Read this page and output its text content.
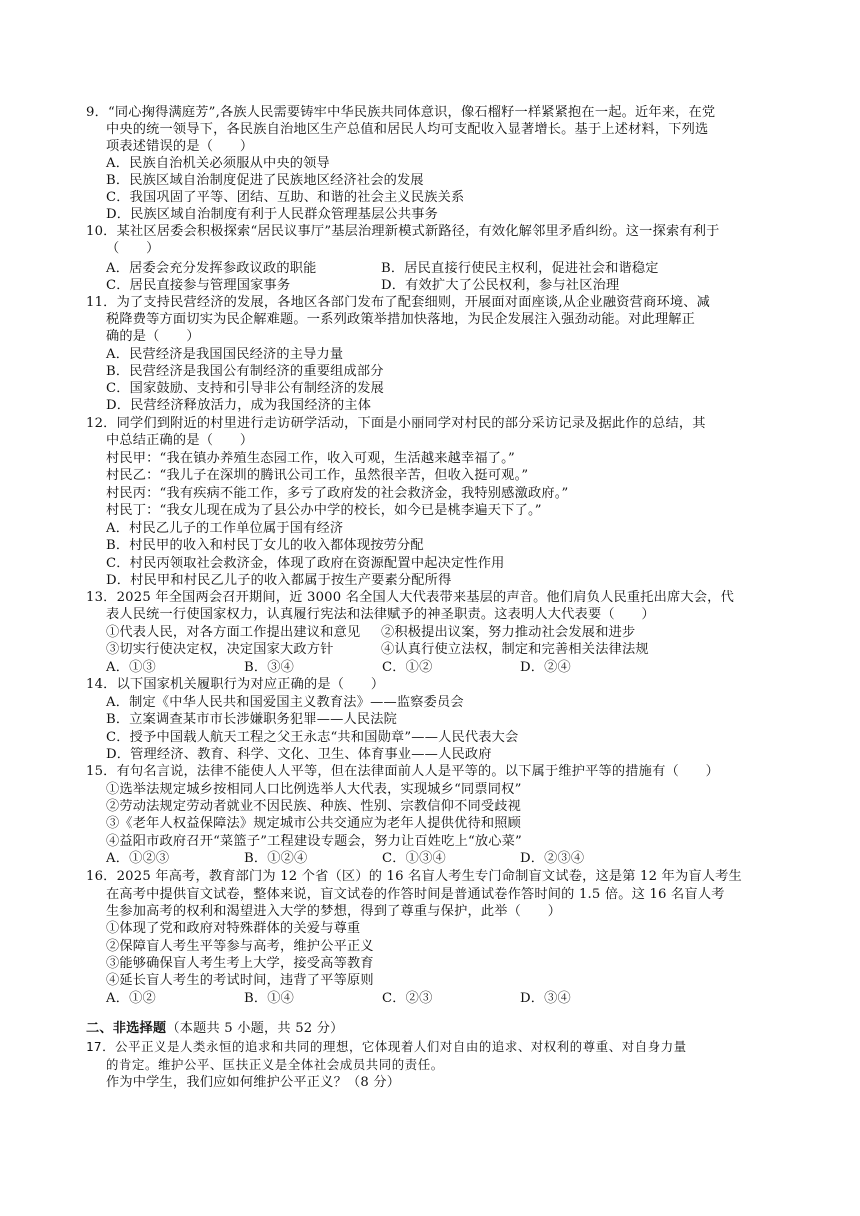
9．“同心掬得满庭芳”,各族人民需要铸牢中华民族共同体意识，像石榴籽一样紧紧抱在一起。近年来，在党
中央的统一领导下，各民族自治地区生产总值和居民人均可支配收入显著增长。基于上述材料，下列选
项表述错误的是（　　）
A．民族自治机关必须服从中央的领导
B．民族区域自治制度促进了民族地区经济社会的发展
C．我国巩固了平等、团结、互助、和谐的社会主义民族关系
D．民族区域自治制度有利于人民群众管理基层公共事务
10．某社区居委会积极探索“居民议事厅”基层治理新模式新路径，有效化解邻里矛盾纠纷。这一探索有利于
（　　）
A．居委会充分发挥参政议政的职能	B．居民直接行使民主权利，促进社会和谐稳定
C．居民直接参与管理国家事务	D．有效扩大了公民权利，参与社区治理
11．为了支持民营经济的发展，各地区各部门发布了配套细则，开展面对面座谈,从企业融资营商环境、减
税降费等方面切实为民企解难题。一系列政策举措加快落地，为民企发展注入强劲动能。对此理解正
确的是（　　）
A．民营经济是我国国民经济的主导力量
B．民营经济是我国公有制经济的重要组成部分
C．国家鼓励、支持和引导非公有制经济的发展
D．民营经济释放活力，成为我国经济的主体
12．同学们到附近的村里进行走访研学活动，下面是小丽同学对村民的部分采访记录及据此作的总结，其
中总结正确的是（　　）
村民甲：“我在镇办养殖生态园工作，收入可观，生活越来越幸福了。”
村民乙：“我儿子在深圳的腾讯公司工作，虽然很辛苦，但收入挺可观。”
村民丙：“我有疾病不能工作，多亏了政府发的社会救济金，我特别感激政府。”
村民丁：“我女儿现在成为了县公办中学的校长，如今已是桃李遍天下了。”
A．村民乙儿子的工作单位属于国有经济
B．村民甲的收入和村民丁女儿的收入都体现按劳分配
C．村民丙领取社会救济金，体现了政府在资源配置中起决定性作用
D．村民甲和村民乙儿子的收入都属于按生产要素分配所得
13．2025 年全国两会召开期间，近 3000 名全国人大代表带来基层的声音。他们肩负人民重托出席大会，代
表人民统一行使国家权力，认真履行宪法和法律赋予的神圣职责。这表明人大代表要（　　）
①代表人民，对各方面工作提出建议和意见 ②积极提出议案，努力推动社会发展和进步
③切实行使决定权，决定国家大政方针	④认真行使立法权，制定和完善相关法律法规
A．①③	B．③④	C．①②	D．②④
14．以下国家机关履职行为对应正确的是（　　）
A．制定《中华人民共和国爱国主义教育法》——监察委员会
B．立案调查某市市长涉嫌职务犯罪——人民法院
C．授予中国载人航天工程之父王永志“共和国勋章”——人民代表大会
D．管理经济、教育、科学、文化、卫生、体育事业——人民政府
15．有句名言说，法律不能使人人平等，但在法律面前人人是平等的。以下属于维护平等的措施有（　　）
①选举法规定城乡按相同人口比例选举人大代表，实现城乡“同票同权”
②劳动法规定劳动者就业不因民族、种族、性别、宗教信仰不同受歧视
③《老年人权益保障法》规定城市公共交通应为老年人提供优待和照顾
④益阳市政府召开“菜篮子”工程建设专题会，努力让百姓吃上“放心菜”
A．①②③	B．①②④	C．①③④	D．②③④
16．2025 年高考，教育部门为 12 个省（区）的 16 名盲人考生专门命制盲文试卷，这是第 12 年为盲人考生
在高考中提供盲文试卷，整体来说，盲文试卷的作答时间是普通试卷作答时间的 1.5 倍。这 16 名盲人考
生参加高考的权利和渴望进入大学的梦想，得到了尊重与保护，此举（　　）
①体现了党和政府对特殊群体的关爱与尊重
②保障盲人考生平等参与高考，维护公平正义
③能够确保盲人考生考上大学，接受高等教育
④延长盲人考生的考试时间，违背了平等原则
A．①②	B．①④	C．②③	D．③④
二、非选择题（本题共 5 小题，共 52 分）
17．公平正义是人类永恒的追求和共同的理想，它体现着人们对自由的追求、对权利的尊重、对自身力量
的肯定。维护公平、匡扶正义是全体社会成员共同的责任。
作为中学生，我们应如何维护公平正义？（8 分）
